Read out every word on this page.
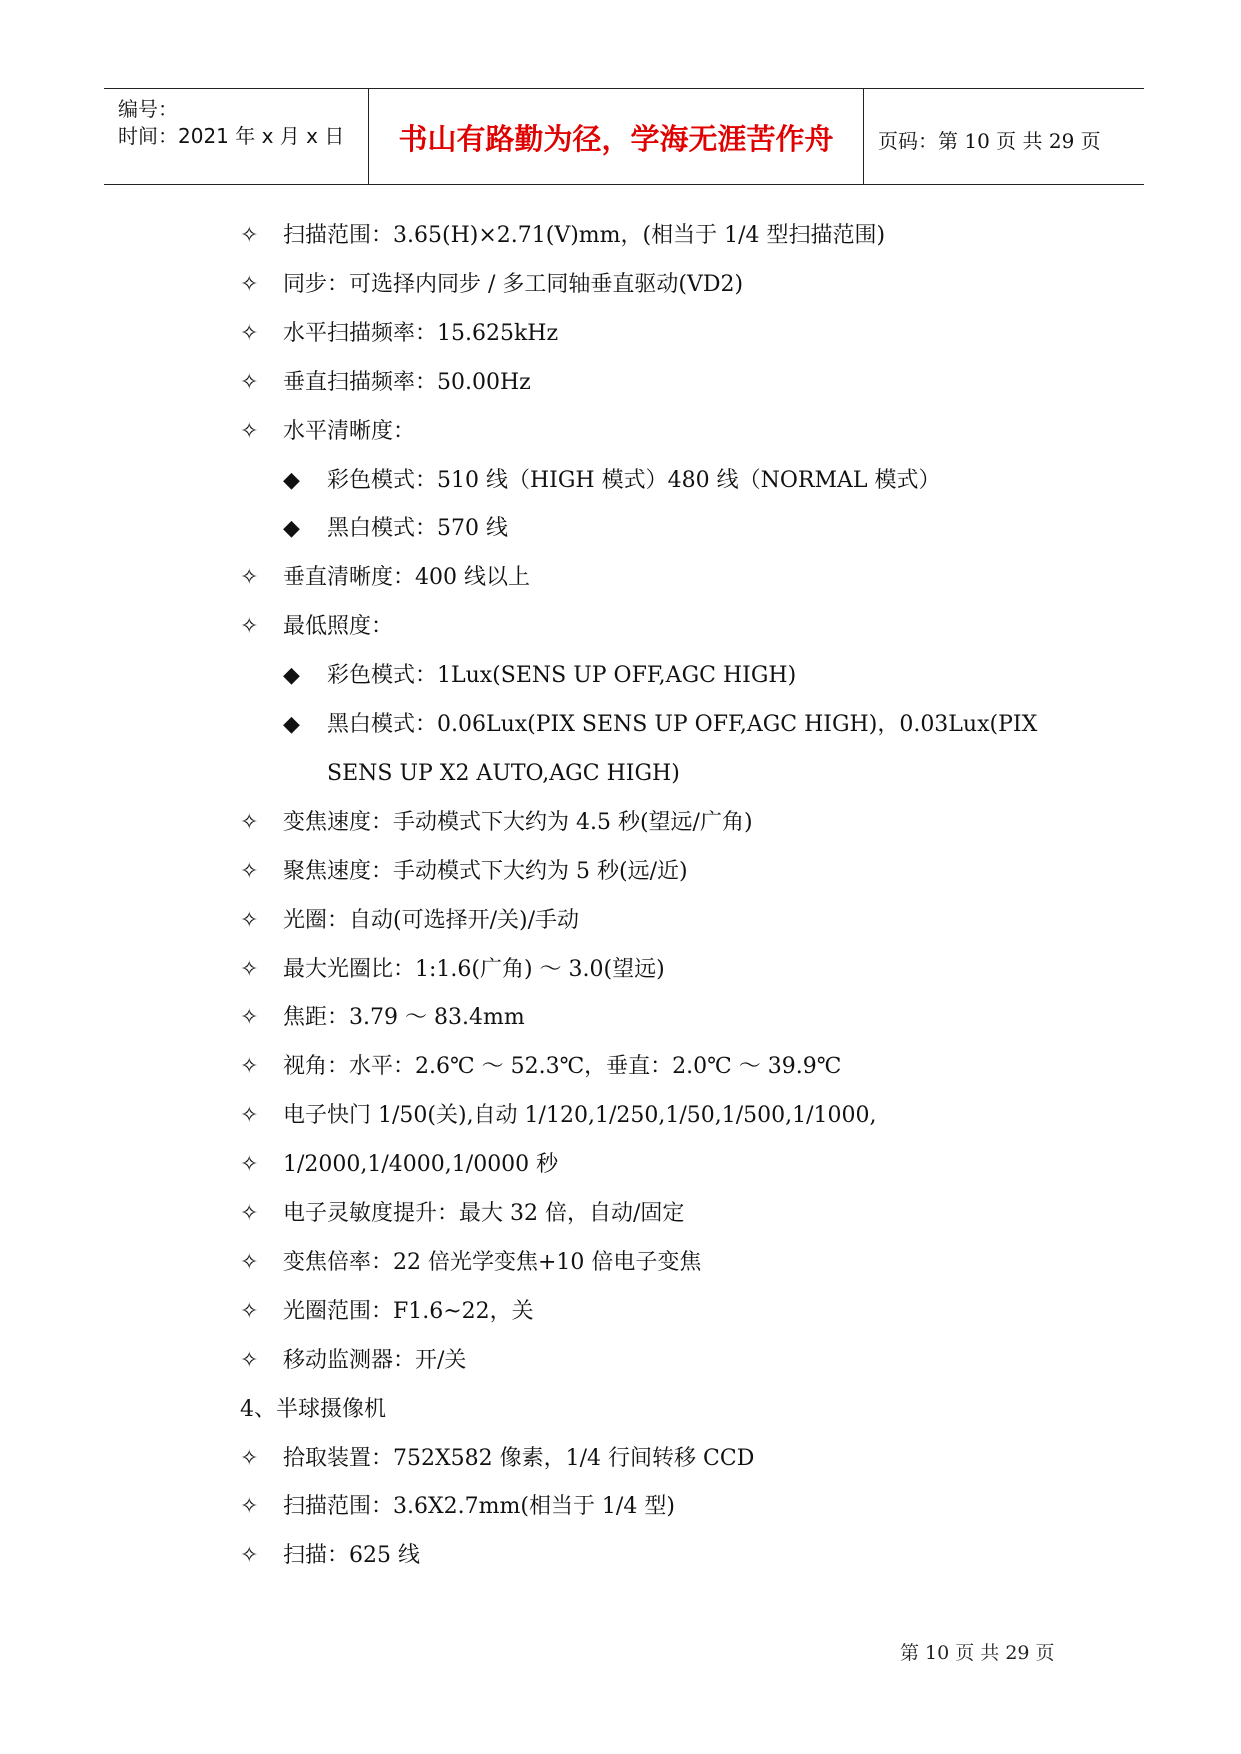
编号：
时间：2021 年 x 月 x 日	书山有路勤为径，学海无涯苦作舟	页码：第 10 页 共 29 页
✧ 扫描范围：3.65(H)×2.71(V)mm，(相当于 1/4 型扫描范围)
✧ 同步：可选择内同步 / 多工同轴垂直驱动(VD2)
✧ 水平扫描频率：15.625kHz
✧ 垂直扫描频率：50.00Hz
✧ 水平清晰度：
◆ 彩色模式：510 线（HIGH 模式）480 线（NORMAL 模式）
◆ 黑白模式：570 线
✧ 垂直清晰度：400 线以上
✧ 最低照度：
◆ 彩色模式：1Lux(SENS UP OFF,AGC HIGH)
◆ 黑白模式：0.06Lux(PIX SENS UP OFF,AGC HIGH)，0.03Lux(PIX
SENS UP X2 AUTO,AGC HIGH)
✧ 变焦速度：手动模式下大约为 4.5 秒(望远/广角)
✧ 聚焦速度：手动模式下大约为 5 秒(远/近)
✧ 光圈：自动(可选择开/关)/手动
✧ 最大光圈比：1:1.6(广角) ～ 3.0(望远)
✧ 焦距：3.79 ～ 83.4mm
✧ 视角：水平：2.6℃ ～ 52.3℃，垂直：2.0℃ ～ 39.9℃
✧ 电子快门 1/50(关),自动 1/120,1/250,1/50,1/500,1/1000,
✧ 1/2000,1/4000,1/0000 秒
✧ 电子灵敏度提升：最大 32 倍，自动/固定
✧ 变焦倍率：22 倍光学变焦+10 倍电子变焦
✧ 光圈范围：F1.6~22，关
✧ 移动监测器：开/关
4、半球摄像机
✧ 拾取装置：752X582 像素，1/4 行间转移 CCD
✧ 扫描范围：3.6X2.7mm(相当于 1/4 型)
✧ 扫描：625 线
第 10 页 共 29 页
